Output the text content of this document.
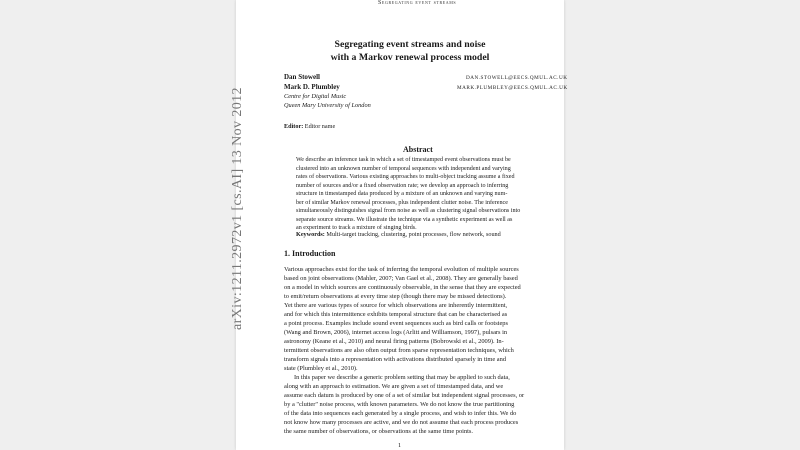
Segregating event streams
Segregating event streams and noise
with a Markov renewal process model
Dan Stowell	DAN.STOWELL@EECS.QMUL.AC.UK
Mark D. Plumbley	MARK.PLUMBLEY@EECS.QMUL.AC.UK
Centre for Digital Music
Queen Mary University of London
Editor: Editor name
Abstract
We describe an inference task in which a set of timestamped event observations must be
clustered into an unknown number of temporal sequences with independent and varying
rates of observations. Various existing approaches to multi-object tracking assume a fixed
number of sources and/or a fixed observation rate; we develop an approach to inferring
structure in timestamped data produced by a mixture of an unknown and varying num-
ber of similar Markov renewal processes, plus independent clutter noise. The inference
simultaneously distinguishes signal from noise as well as clustering signal observations into
separate source streams. We illustrate the technique via a synthetic experiment as well as
an experiment to track a mixture of singing birds.
Keywords: Multi-target tracking, clustering, point processes, flow network, sound
1. Introduction
Various approaches exist for the task of inferring the temporal evolution of multiple sources
based on joint observations (Mahler, 2007; Van Gael et al., 2008). They are generally based
on a model in which sources are continuously observable, in the sense that they are expected
to emit/return observations at every time step (though there may be missed detections).
Yet there are various types of source for which observations are inherently intermittent,
and for which this intermittence exhibits temporal structure that can be characterised as
a point process. Examples include sound event sequences such as bird calls or footsteps
(Wang and Brown, 2006), internet access logs (Arlitt and Williamson, 1997), pulsars in
astronomy (Keane et al., 2010) and neural firing patterns (Bobrowski et al., 2009). In-
termittent observations are also often output from sparse representation techniques, which
transform signals into a representation with activations distributed sparsely in time and
state (Plumbley et al., 2010).
In this paper we describe a generic problem setting that may be applied to such data,
along with an approach to estimation. We are given a set of timestamped data, and we
assume each datum is produced by one of a set of similar but independent signal processes, or
by a "clutter" noise process, with known parameters. We do not know the true partitioning
of the data into sequences each generated by a single process, and wish to infer this. We do
not know how many processes are active, and we do not assume that each process produces
the same number of observations, or observations at the same time points.
1
arXiv:1211.2972v1 [cs.AI] 13 Nov 2012
